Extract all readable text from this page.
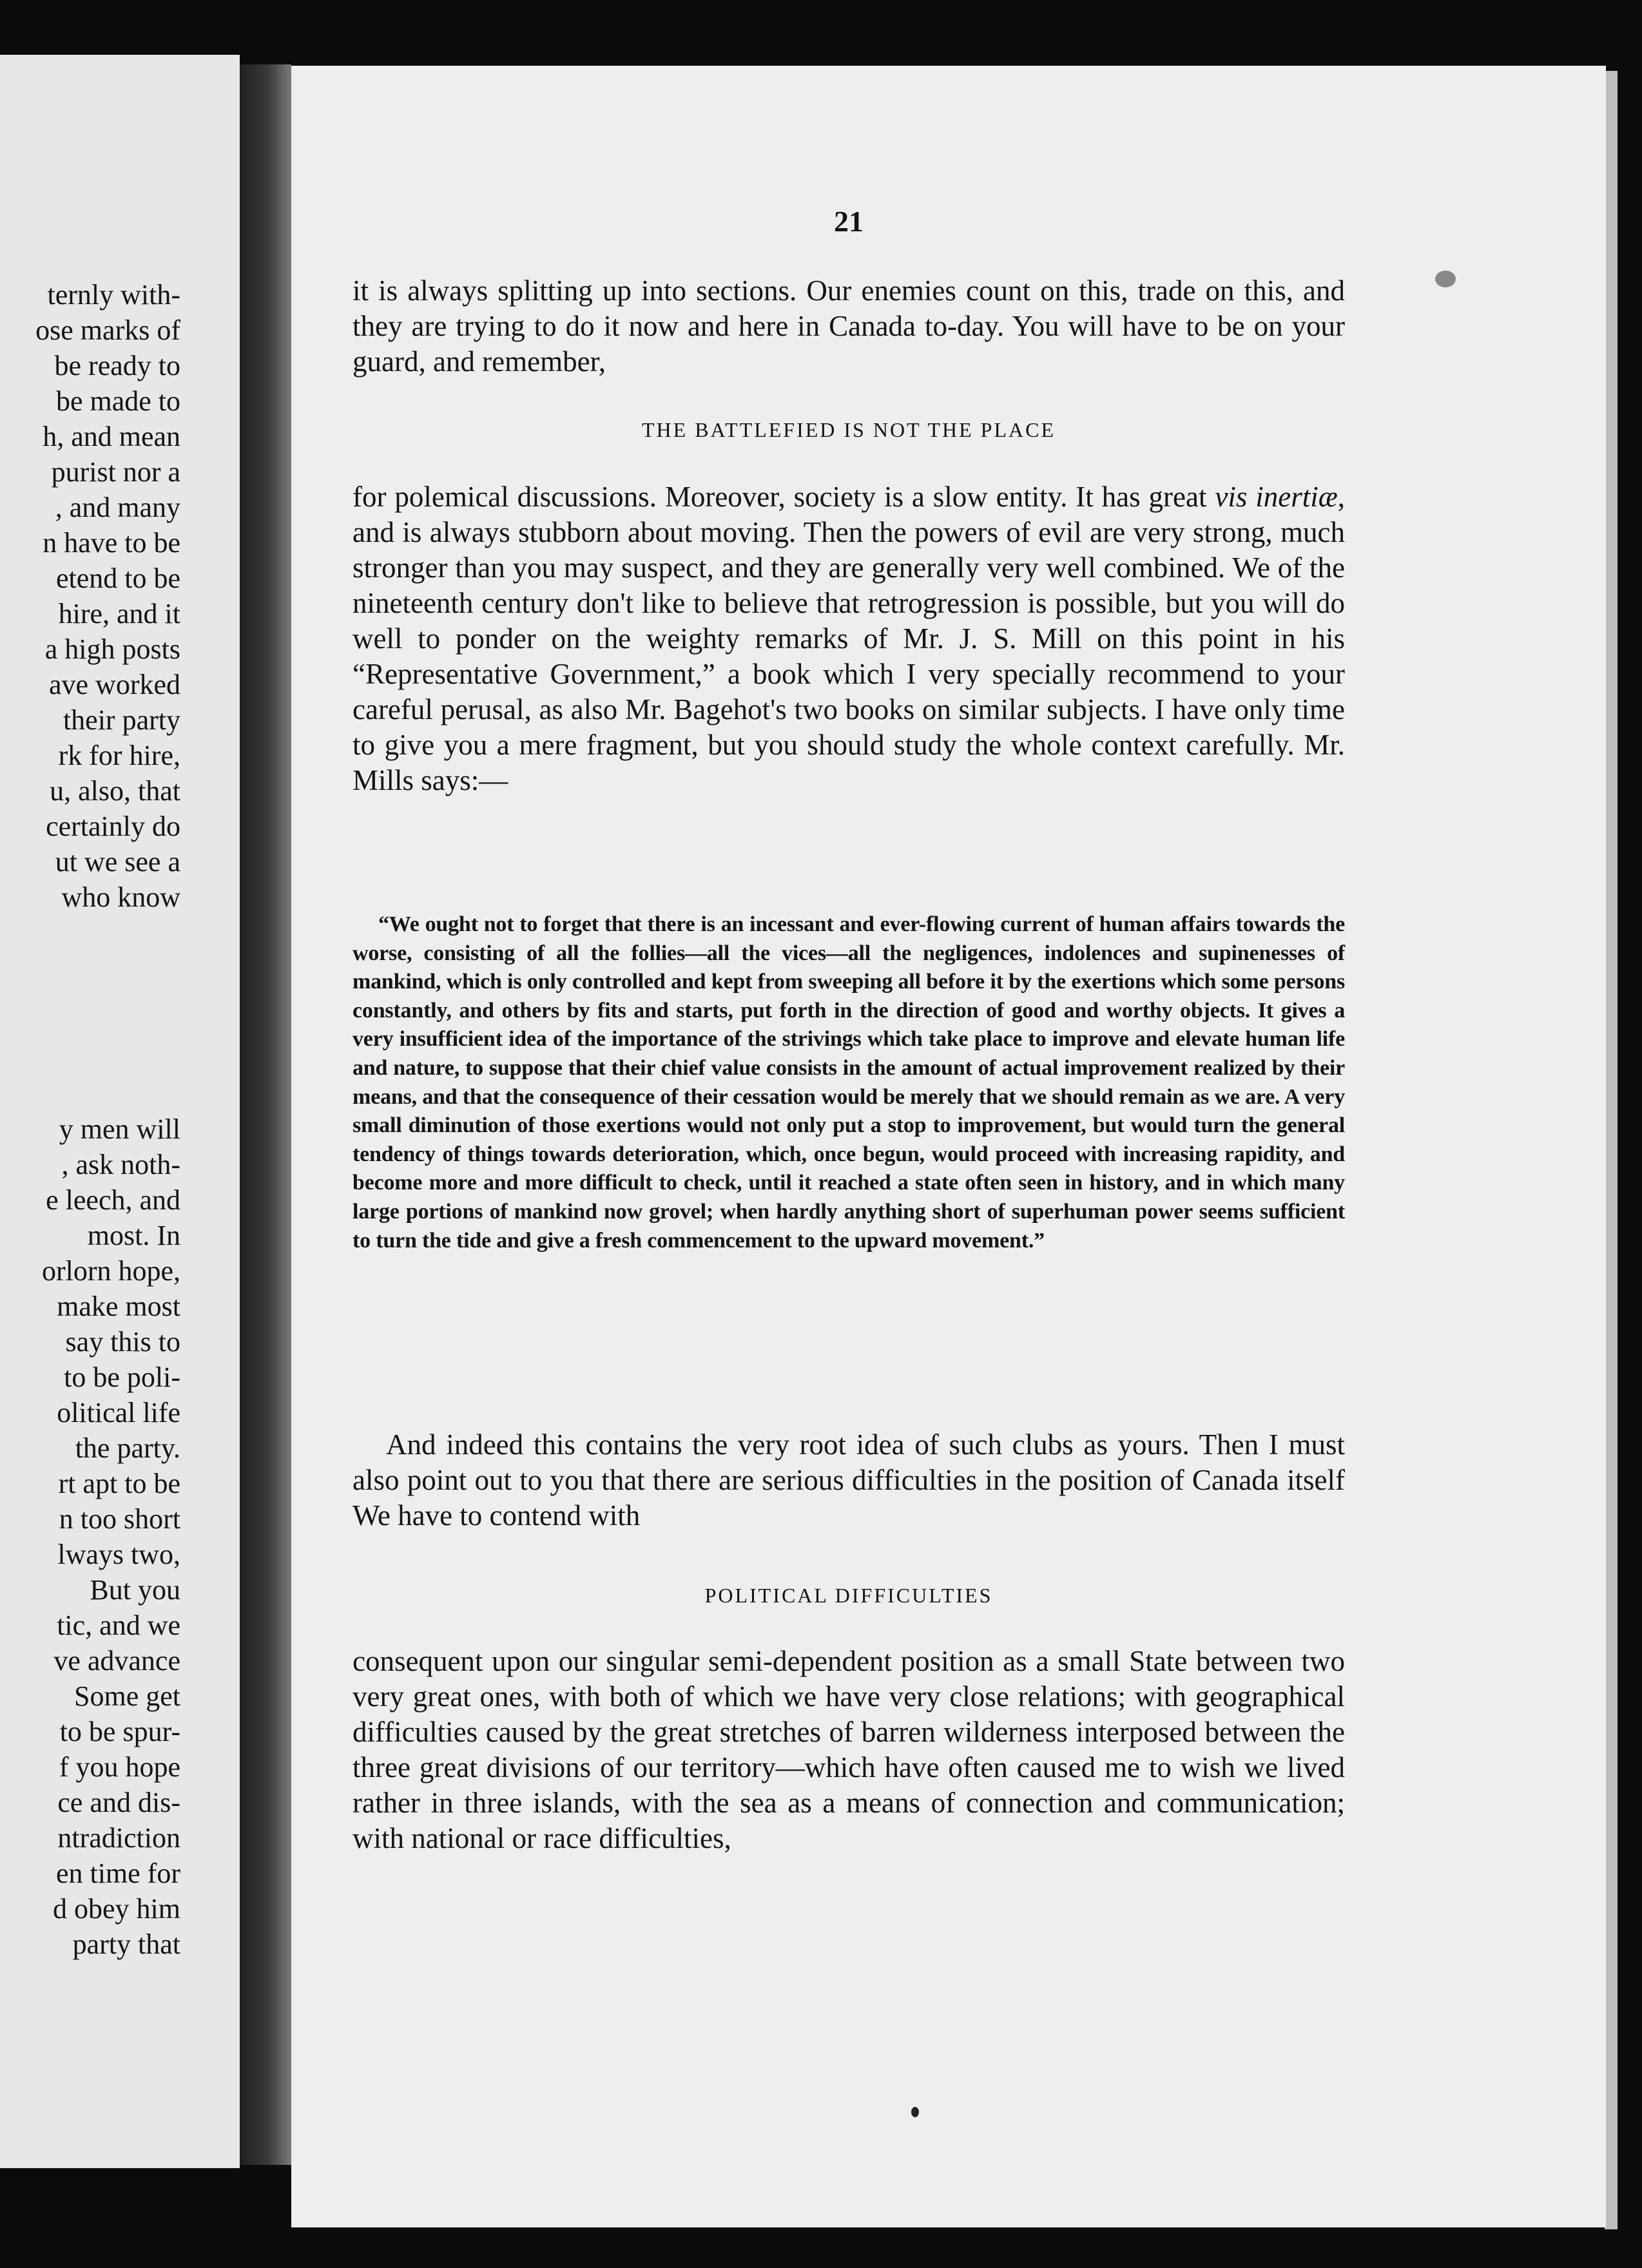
ternly with-
ose marks of
be ready to
be made to
h, and mean
purist nor a
, and many
n have to be
etend to be
hire, and it
a high posts
ave worked
their party
rk for hire,
u, also, that
certainly do
ut we see a
who know
y men will
, ask noth-
e leech, and
most. In
orlorn hope,
make most
say this to
to be poli-
olitical life
the party.
rt apt to be
n too short
lways two,
But you
tic, and we
ve advance
Some get
to be spur-
f you hope
ce and dis-
ntradiction
en time for
d obey him
party that
21

it is always splitting up into sections. Our enemies count on this, trade on this, and they are trying to do it now and here in Canada to-day. You will have to be on your guard, and remember,

THE BATTLEFIED IS NOT THE PLACE

for polemical discussions. Moreover, society is a slow entity. It has great vis inertiæ, and is always stubborn about moving. Then the powers of evil are very strong, much stronger than you may suspect, and they are generally very well combined. We of the nineteenth century don't like to believe that retrogression is possible, but you will do well to ponder on the weighty remarks of Mr. J. S. Mill on this point in his “Representative Government,” a book which I very specially recommend to your careful perusal, as also Mr. Bagehot's two books on similar subjects. I have only time to give you a mere fragment, but you should study the whole context carefully. Mr. Mills says:—

“We ought not to forget that there is an incessant and ever-flowing current of human affairs towards the worse, consisting of all the follies—all the vices—all the negligences, indolences and supinenesses of mankind, which is only controlled and kept from sweeping all before it by the exertions which some persons constantly, and others by fits and starts, put forth in the direction of good and worthy objects. It gives a very insufficient idea of the importance of the strivings which take place to improve and elevate human life and nature, to suppose that their chief value consists in the amount of actual improvement realized by their means, and that the consequence of their cessation would be merely that we should remain as we are. A very small diminution of those exertions would not only put a stop to improvement, but would turn the general tendency of things towards deterioration, which, once begun, would proceed with increasing rapidity, and become more and more difficult to check, until it reached a state often seen in history, and in which many large portions of mankind now grovel; when hardly anything short of superhuman power seems sufficient to turn the tide and give a fresh commencement to the upward movement.”

And indeed this contains the very root idea of such clubs as yours. Then I must also point out to you that there are serious difficulties in the position of Canada itself We have to contend with

POLITICAL DIFFICULTIES

consequent upon our singular semi-dependent position as a small State between two very great ones, with both of which we have very close relations; with geographical difficulties caused by the great stretches of barren wilderness interposed between the three great divisions of our territory—which have often caused me to wish we lived rather in three islands, with the sea as a means of connection and communication; with national or race difficulties,
